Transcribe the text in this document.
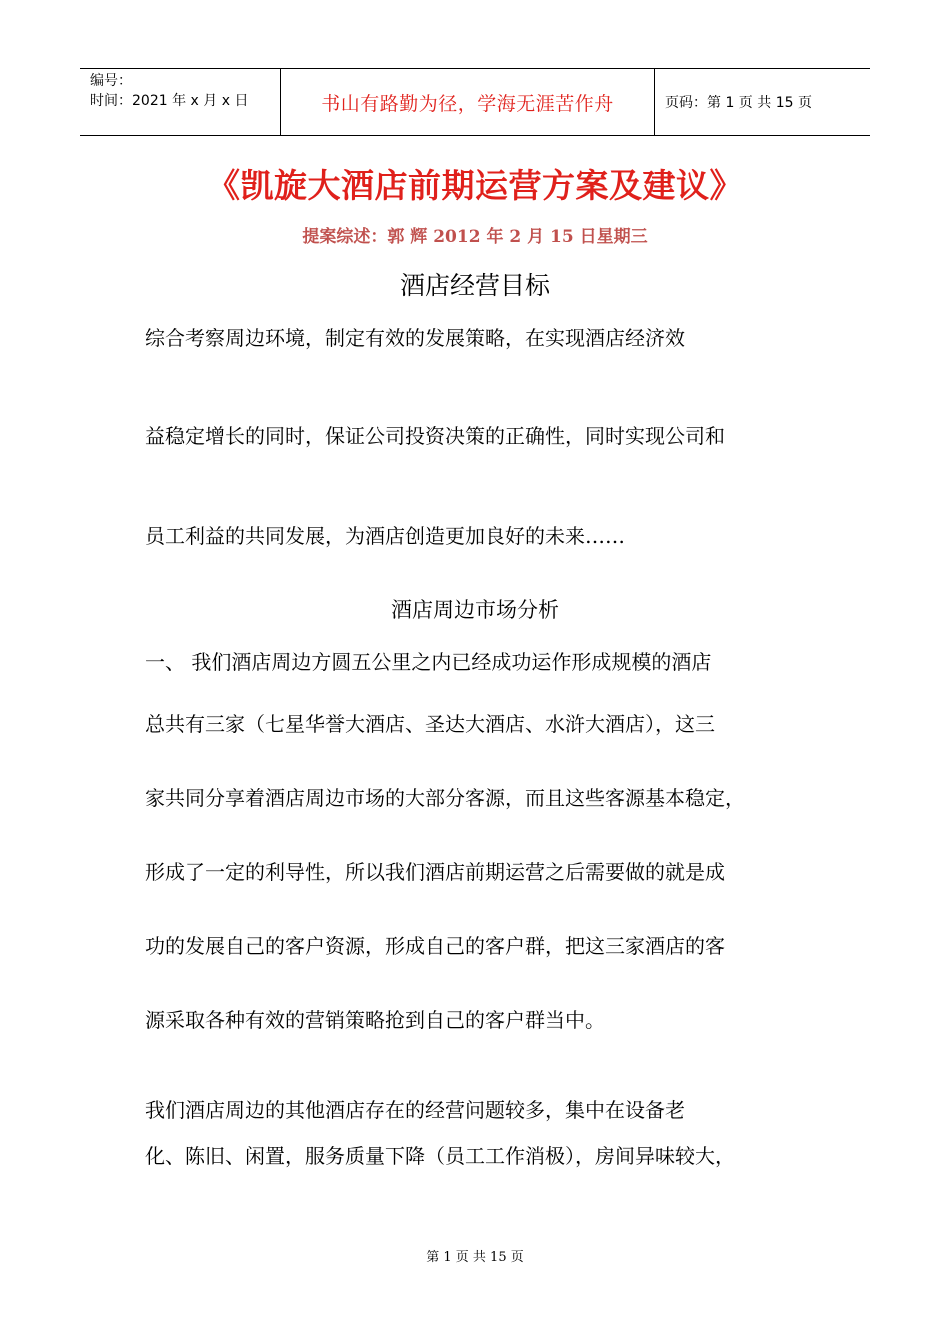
编号：
时间：2021 年 x 月 x 日	书山有路勤为径，学海无涯苦作舟	页码：第 1 页 共 15 页
《凯旋大酒店前期运营方案及建议》
提案综述：郭 辉 2012 年 2 月 15 日星期三
酒店经营目标
综合考察周边环境，制定有效的发展策略，在实现酒店经济效
益稳定增长的同时，保证公司投资决策的正确性，同时实现公司和
员工利益的共同发展，为酒店创造更加良好的未来……
酒店周边市场分析
一、 我们酒店周边方圆五公里之内已经成功运作形成规模的酒店
总共有三家（七星华誉大酒店、圣达大酒店、水浒大酒店），这三
家共同分享着酒店周边市场的大部分客源，而且这些客源基本稳定，
形成了一定的利导性，所以我们酒店前期运营之后需要做的就是成
功的发展自己的客户资源，形成自己的客户群，把这三家酒店的客
源采取各种有效的营销策略抢到自己的客户群当中。
我们酒店周边的其他酒店存在的经营问题较多，集中在设备老
化、陈旧、闲置，服务质量下降（员工工作消极），房间异味较大，
第 1 页 共 15 页
